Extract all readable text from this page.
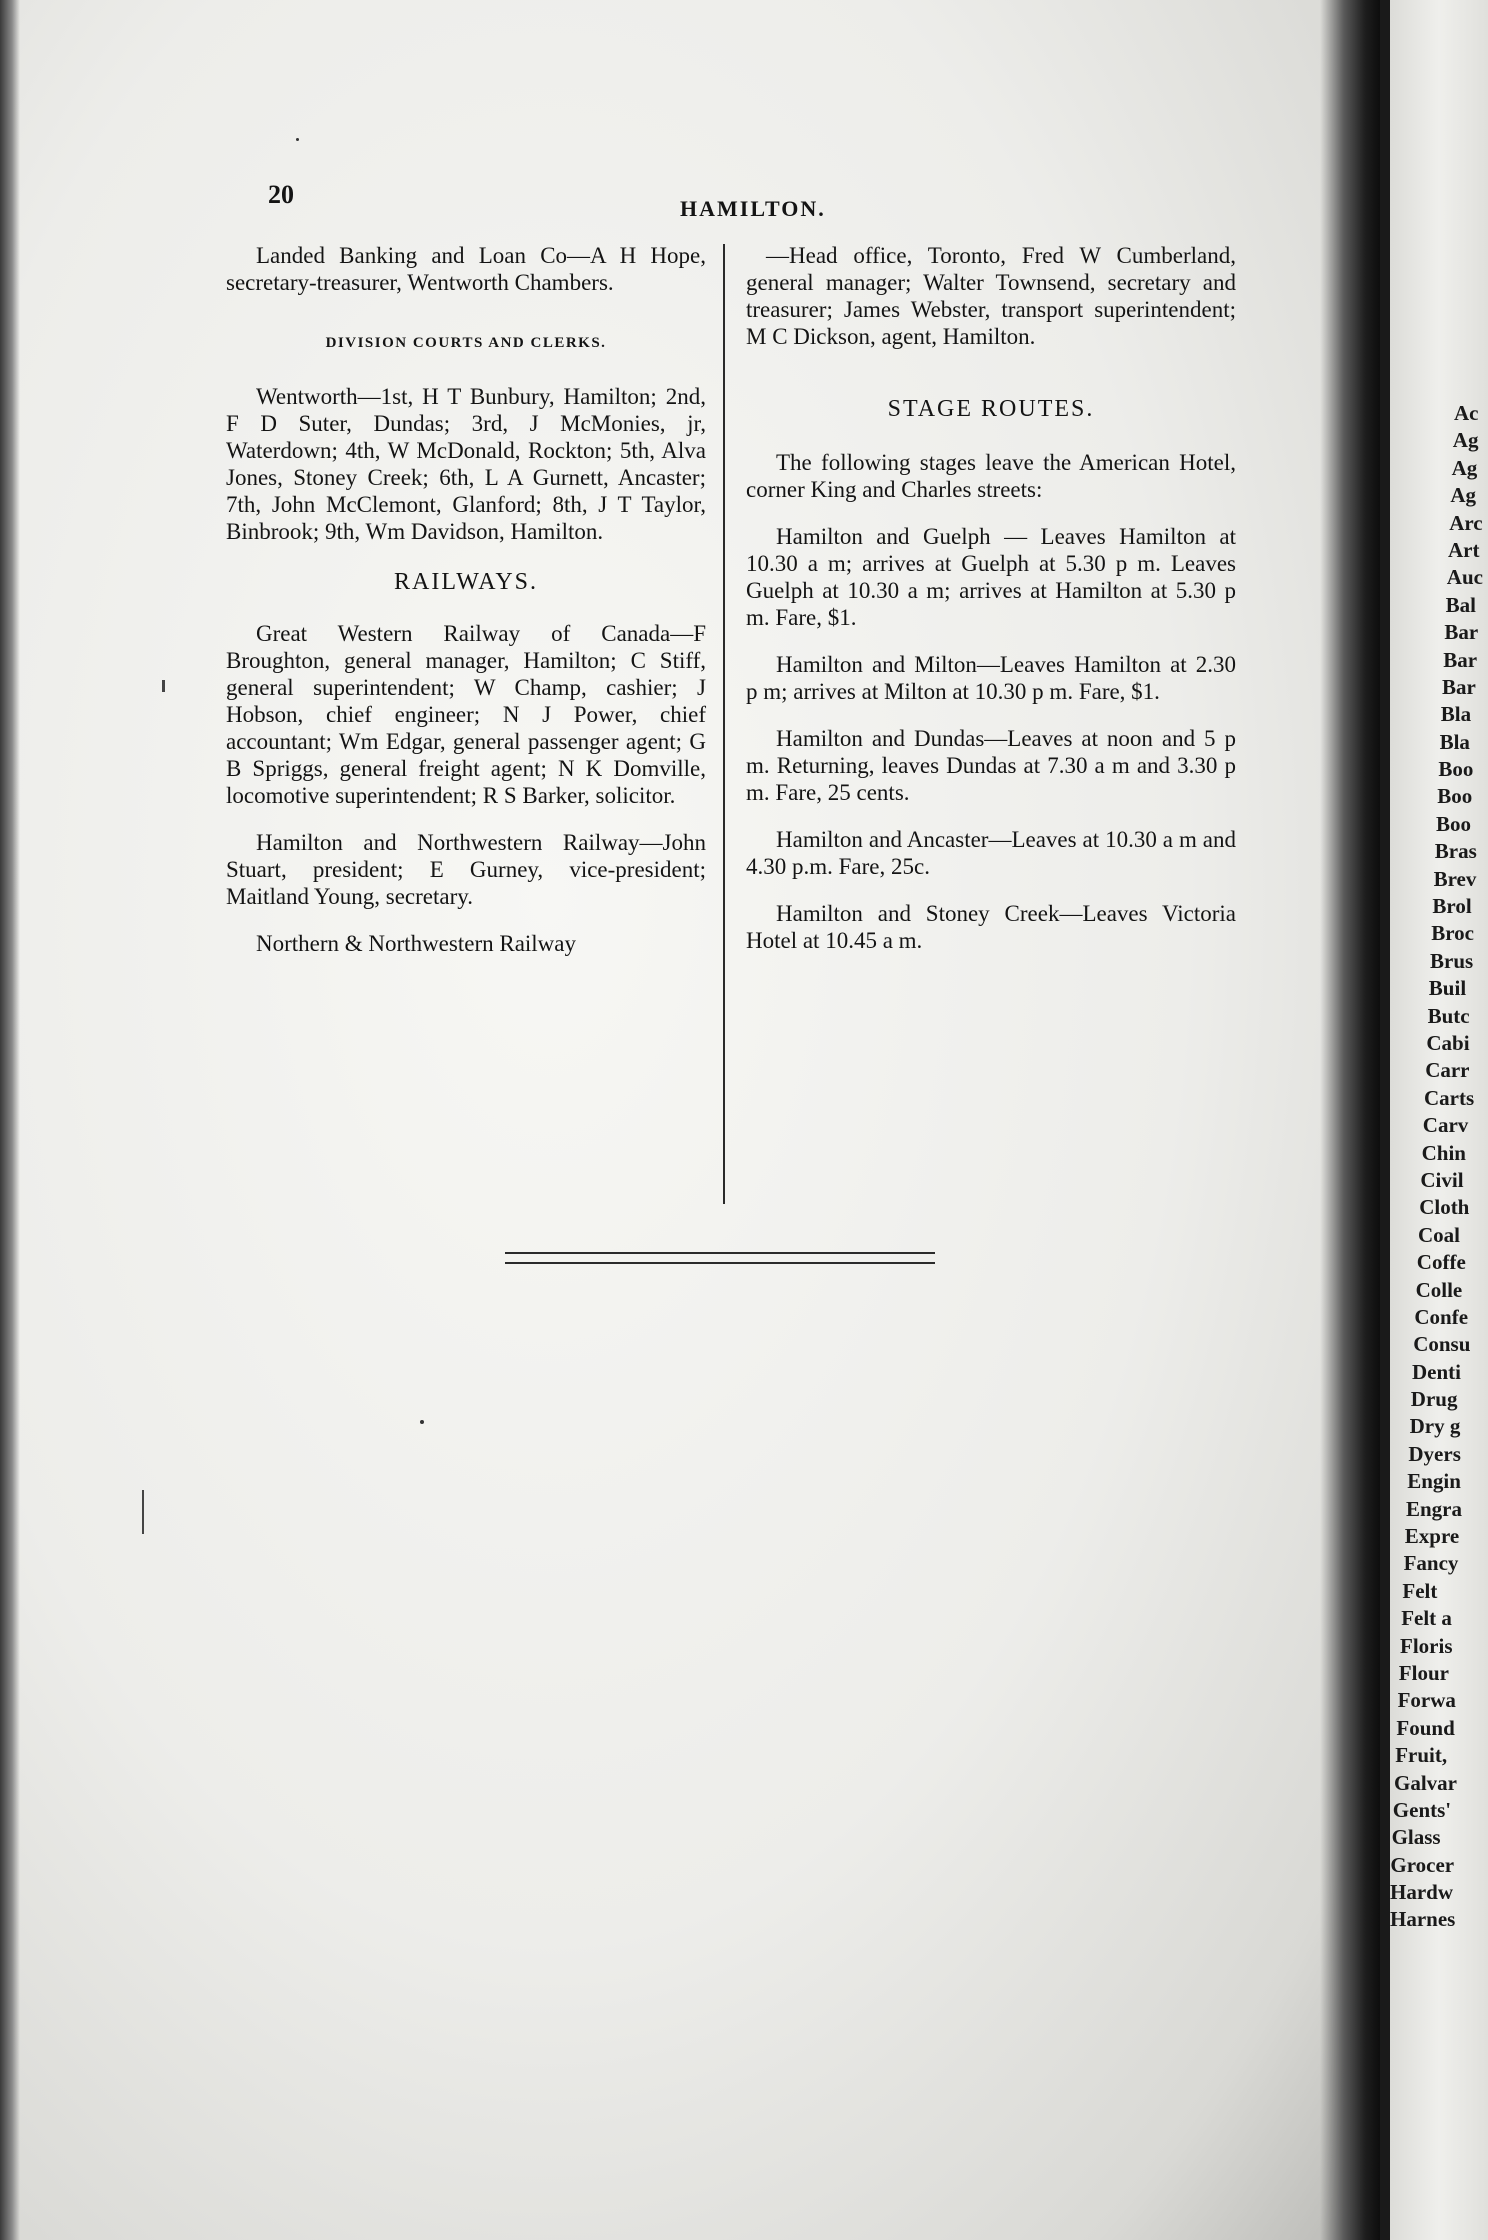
20	HAMILTON.

Landed Banking and Loan Co—A H Hope, secretary-treasurer, Wentworth Chambers.

DIVISION COURTS AND CLERKS.

Wentworth—1st, H T Bunbury, Hamilton; 2nd, F D Suter, Dundas; 3rd, J McMonies, jr, Waterdown; 4th, W McDonald, Rockton; 5th, Alva Jones, Stoney Creek; 6th, L A Gurnett, Ancaster; 7th, John McClemont, Glanford; 8th, J T Taylor, Binbrook; 9th, Wm Davidson, Hamilton.

RAILWAYS.

Great Western Railway of Canada—F Broughton, general manager, Hamilton; C Stiff, general superintendent; W Champ, cashier; J Hobson, chief engineer; N J Power, chief accountant; Wm Edgar, general passenger agent; G B Spriggs, general freight agent; N K Domville, locomotive superintendent; R S Barker, solicitor.

Hamilton and Northwestern Railway—John Stuart, president; E Gurney, vice-president; Maitland Young, secretary.

Northern & Northwestern Railway

—Head office, Toronto, Fred W Cumberland, general manager; Walter Townsend, secretary and treasurer; James Webster, transport superintendent; M C Dickson, agent, Hamilton.

STAGE ROUTES.

The following stages leave the American Hotel, corner King and Charles streets:

Hamilton and Guelph — Leaves Hamilton at 10.30 a m; arrives at Guelph at 5.30 p m. Leaves Guelph at 10.30 a m; arrives at Hamilton at 5.30 p m. Fare, $1.

Hamilton and Milton—Leaves Hamilton at 2.30 p m; arrives at Milton at 10.30 p m. Fare, $1.

Hamilton and Dundas—Leaves at noon and 5 p m. Returning, leaves Dundas at 7.30 a m and 3.30 p m. Fare, 25 cents.

Hamilton and Ancaster—Leaves at 10.30 a m and 4.30 p.m. Fare, 25c.

Hamilton and Stoney Creek—Leaves Victoria Hotel at 10.45 a m.

Ac
Ag
Ag
Ag
Arc
Art
Auc
Bal
Bar
Bar
Bar
Bla
Bla
Boo
Boo
Boo
Bras
Brev
Brol
Broc
Brus
Buil
Butc
Cabi
Carr
Carts
Carv
Chin
Civil
Cloth
Coal
Coffe
Colle
Confe
Consu
Denti
Drug
Dry g
Dyers
Engin
Engra
Expre
Fancy
Felt
Felt a
Floris
Flour
Forwa
Found
Fruit,
Galvar
Gents'
Glass
Grocer
Hardw
Harnes
